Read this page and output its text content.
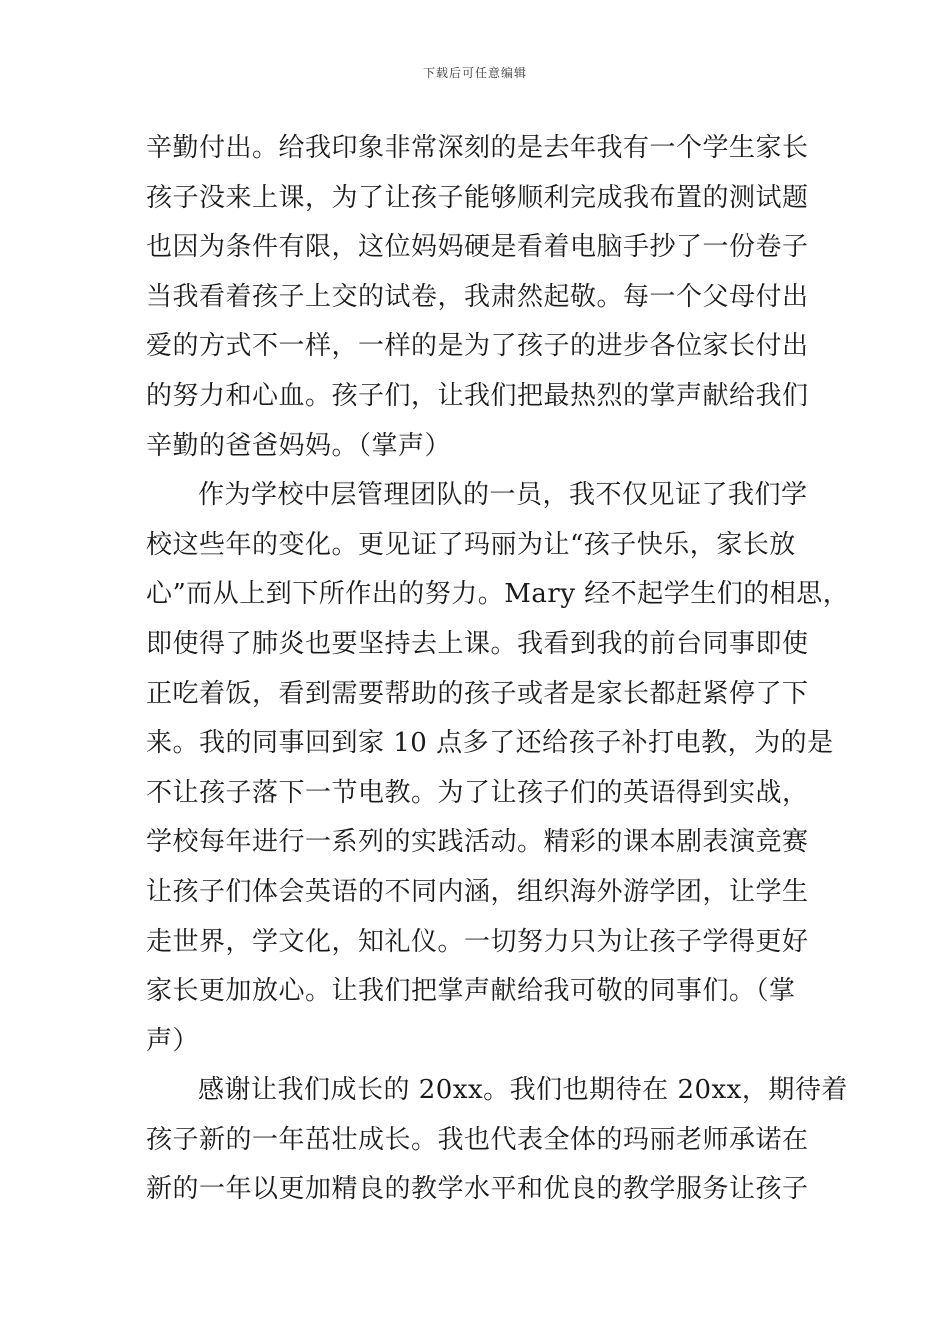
下载后可任意编辑
辛勤付出。给我印象非常深刻的是去年我有一个学生家长
孩子没来上课，为了让孩子能够顺利完成我布置的测试题
也因为条件有限，这位妈妈硬是看着电脑手抄了一份卷子
当我看着孩子上交的试卷，我肃然起敬。每一个父母付出
爱的方式不一样，一样的是为了孩子的进步各位家长付出
的努力和心血。孩子们，让我们把最热烈的掌声献给我们
辛勤的爸爸妈妈。（掌声）
作为学校中层管理团队的一员，我不仅见证了我们学
校这些年的变化。更见证了玛丽为让“孩子快乐，家长放
心”而从上到下所作出的努力。Mary 经不起学生们的相思，
即使得了肺炎也要坚持去上课。我看到我的前台同事即使
正吃着饭，看到需要帮助的孩子或者是家长都赶紧停了下
来。我的同事回到家 10 点多了还给孩子补打电教，为的是
不让孩子落下一节电教。为了让孩子们的英语得到实战，
学校每年进行一系列的实践活动。精彩的课本剧表演竞赛
让孩子们体会英语的不同内涵，组织海外游学团，让学生
走世界，学文化，知礼仪。一切努力只为让孩子学得更好
家长更加放心。让我们把掌声献给我可敬的同事们。（掌
声）
感谢让我们成长的 20xx。我们也期待在 20xx，期待着
孩子新的一年茁壮成长。我也代表全体的玛丽老师承诺在
新的一年以更加精良的教学水平和优良的教学服务让孩子
